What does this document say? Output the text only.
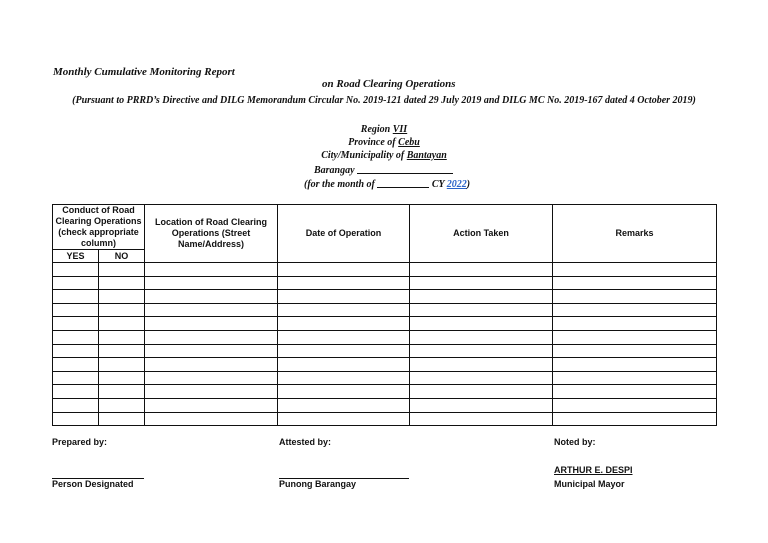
Monthly Cumulative Monitoring Report
on Road Clearing Operations
(Pursuant to PRRD’s Directive and DILG Memorandum Circular No. 2019-121 dated 29 July 2019 and DILG MC No. 2019-167 dated 4 October 2019)
Region VII
Province of Cebu
City/Municipality of Bantayan
Barangay
(for the month of	CY 2022)
Conduct of Road Clearing Operations (check appropriate column)		Location of Road Clearing Operations (Street Name/Address)	Date of Operation	Action Taken	Remarks
YES	NO				

Prepared by:
Person Designated
Attested by:
Punong Barangay
Noted by:
ARTHUR E. DESPI
Municipal Mayor
